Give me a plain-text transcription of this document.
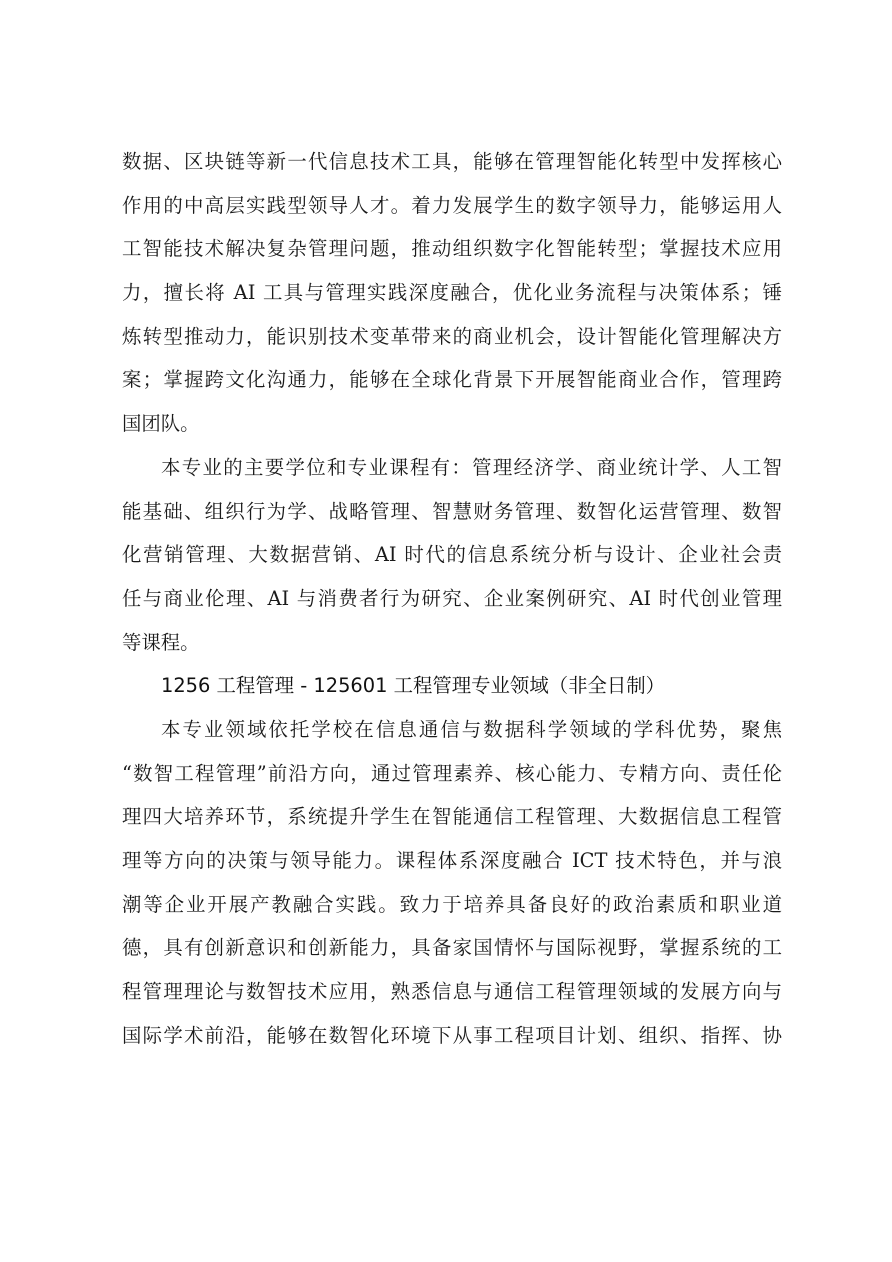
数据、区块链等新一代信息技术工具，能够在管理智能化转型中发挥核心
作用的中高层实践型领导人才。着力发展学生的数字领导力，能够运用人
工智能技术解决复杂管理问题，推动组织数字化智能转型；掌握技术应用
力，擅长将 AI 工具与管理实践深度融合，优化业务流程与决策体系；锤
炼转型推动力，能识别技术变革带来的商业机会，设计智能化管理解决方
案；掌握跨文化沟通力，能够在全球化背景下开展智能商业合作，管理跨
国团队。
本专业的主要学位和专业课程有：管理经济学、商业统计学、人工智
能基础、组织行为学、战略管理、智慧财务管理、数智化运营管理、数智
化营销管理、大数据营销、AI 时代的信息系统分析与设计、企业社会责
任与商业伦理、AI 与消费者行为研究、企业案例研究、AI 时代创业管理
等课程。
1256 工程管理 - 125601 工程管理专业领域（非全日制）
本专业领域依托学校在信息通信与数据科学领域的学科优势，聚焦
“数智工程管理”前沿方向，通过管理素养、核心能力、专精方向、责任伦
理四大培养环节，系统提升学生在智能通信工程管理、大数据信息工程管
理等方向的决策与领导能力。课程体系深度融合 ICT 技术特色，并与浪
潮等企业开展产教融合实践。致力于培养具备良好的政治素质和职业道
德，具有创新意识和创新能力，具备家国情怀与国际视野，掌握系统的工
程管理理论与数智技术应用，熟悉信息与通信工程管理领域的发展方向与
国际学术前沿，能够在数智化环境下从事工程项目计划、组织、指挥、协
